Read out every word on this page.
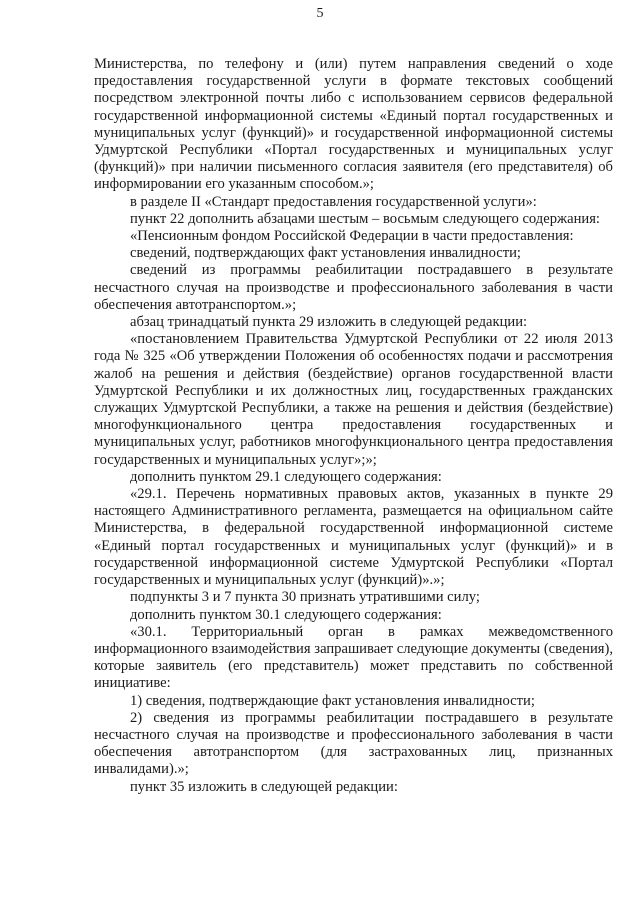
5

Министерства, по телефону и (или) путем направления сведений о ходе предоставления государственной услуги в формате текстовых сообщений посредством электронной почты либо с использованием сервисов федеральной государственной информационной системы «Единый портал государственных и муниципальных услуг (функций)» и государственной информационной системы Удмуртской Республики «Портал государственных и муниципальных услуг (функций)» при наличии письменного согласия заявителя (его представителя) об информировании его указанным способом.»;

в разделе II «Стандарт предоставления государственной услуги»:

пункт 22 дополнить абзацами шестым – восьмым следующего содержания:

«Пенсионным фондом Российской Федерации в части предоставления:

сведений, подтверждающих факт установления инвалидности;

сведений из программы реабилитации пострадавшего в результате несчастного случая на производстве и профессионального заболевания в части обеспечения автотранспортом.»;

абзац тринадцатый пункта 29 изложить в следующей редакции:

«постановлением Правительства Удмуртской Республики от 22 июля 2013 года № 325 «Об утверждении Положения об особенностях подачи и рассмотрения жалоб на решения и действия (бездействие) органов государственной власти Удмуртской Республики и их должностных лиц, государственных гражданских служащих Удмуртской Республики, а также на решения и действия (бездействие) многофункционального центра предоставления государственных и муниципальных услуг, работников многофункционального центра предоставления государственных и муниципальных услуг»;»;

дополнить пунктом 29.1 следующего содержания:

«29.1. Перечень нормативных правовых актов, указанных в пункте 29 настоящего Административного регламента, размещается на официальном сайте Министерства, в федеральной государственной информационной системе «Единый портал государственных и муниципальных услуг (функций)» и в государственной информационной системе Удмуртской Республики «Портал государственных и муниципальных услуг (функций)».»;

подпункты 3 и 7 пункта 30 признать утратившими силу;

дополнить пунктом 30.1 следующего содержания:

«30.1. Территориальный орган в рамках межведомственного информационного взаимодействия запрашивает следующие документы (сведения), которые заявитель (его представитель) может представить по собственной инициативе:

1) сведения, подтверждающие факт установления инвалидности;

2) сведения из программы реабилитации пострадавшего в результате несчастного случая на производстве и профессионального заболевания в части обеспечения автотранспортом (для застрахованных лиц, признанных инвалидами).»;

пункт 35 изложить в следующей редакции:
